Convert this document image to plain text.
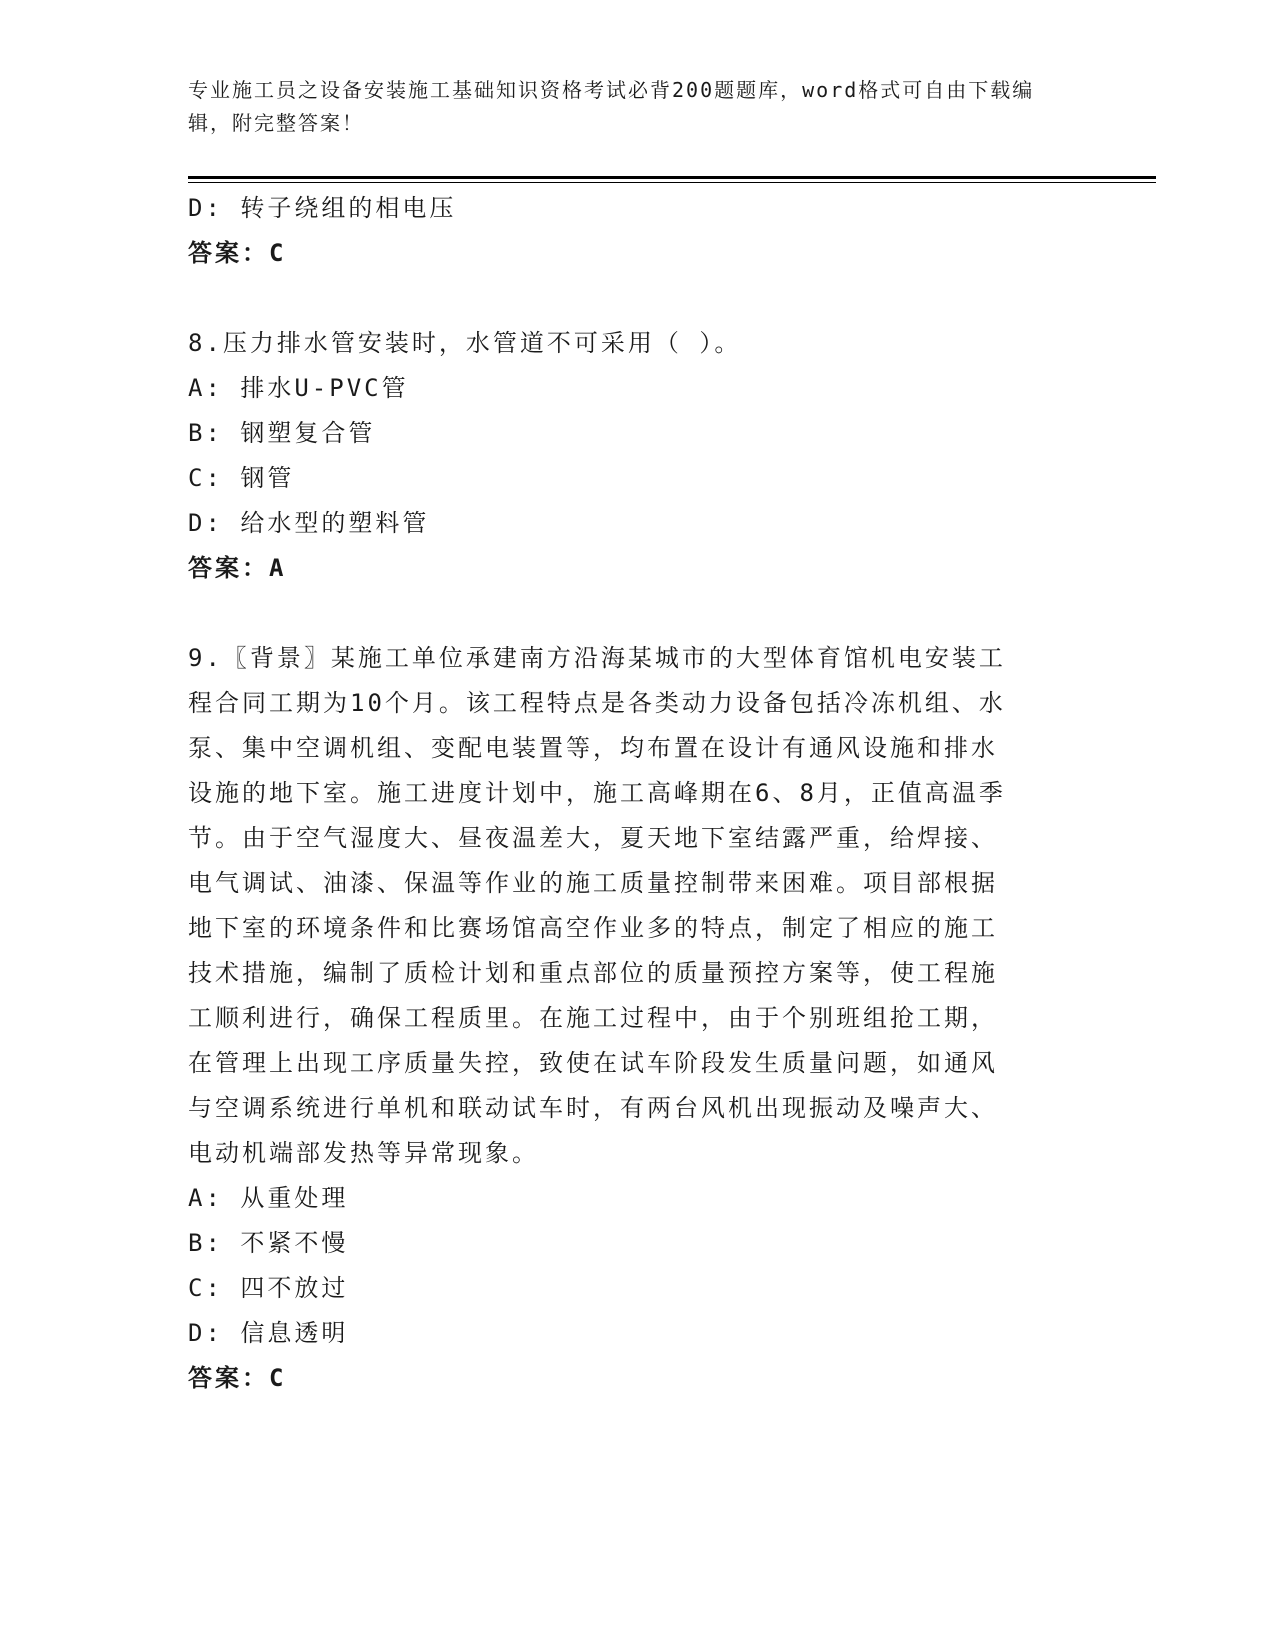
专业施工员之设备安装施工基础知识资格考试必背200题题库，word格式可自由下载编辑，附完整答案！
D: 转子绕组的相电压
答案：C
8.压力排水管安装时，水管道不可采用（ ）。
A: 排水U-PVC管
B: 钢塑复合管
C: 钢管
D: 给水型的塑料管
答案：A
9.〖背景〗某施工单位承建南方沿海某城市的大型体育馆机电安装工
程合同工期为10个月。该工程特点是各类动力设备包括冷冻机组、水
泵、集中空调机组、变配电装置等，均布置在设计有通风设施和排水
设施的地下室。施工进度计划中，施工高峰期在6、8月，正值高温季
节。由于空气湿度大、昼夜温差大，夏天地下室结露严重，给焊接、
电气调试、油漆、保温等作业的施工质量控制带来困难。项目部根据
地下室的环境条件和比赛场馆高空作业多的特点，制定了相应的施工
技术措施，编制了质检计划和重点部位的质量预控方案等，使工程施
工顺利进行，确保工程质里。在施工过程中，由于个别班组抢工期，
在管理上出现工序质量失控，致使在试车阶段发生质量问题，如通风
与空调系统进行单机和联动试车时，有两台风机出现振动及噪声大、
电动机端部发热等异常现象。
A: 从重处理
B: 不紧不慢
C: 四不放过
D: 信息透明
答案：C
